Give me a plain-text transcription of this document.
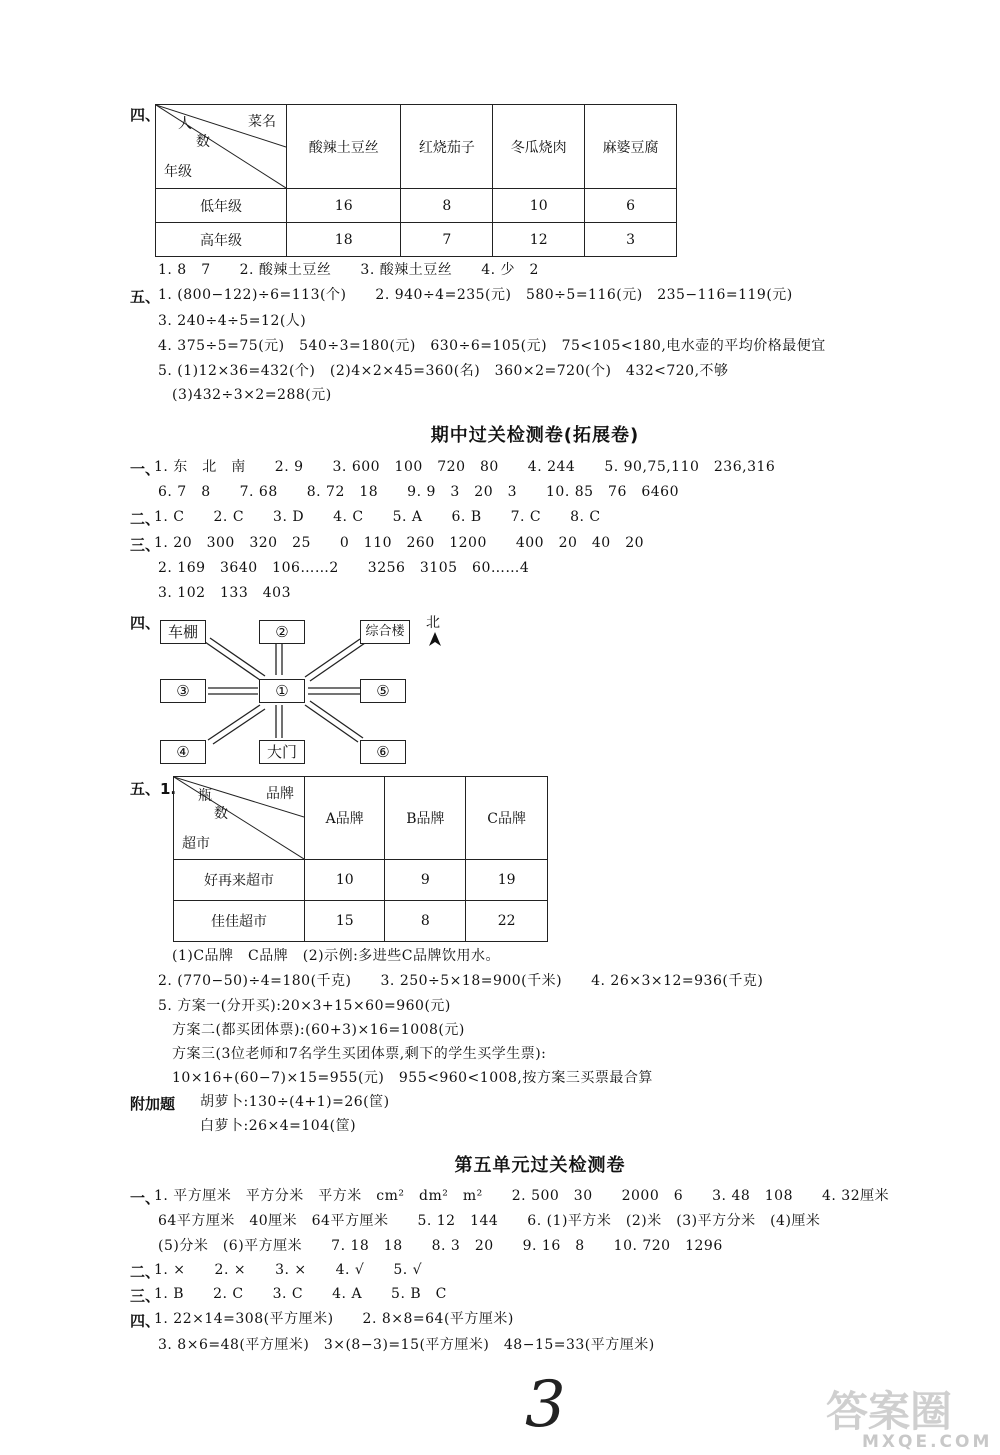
四、	菜名
人
数
年级	酸辣土豆丝	红烧茄子	冬瓜烧肉	麻婆豆腐
低年级	16	8	10	6
高年级	18	7	12	3
1. 8　7　　2. 酸辣土豆丝　　3. 酸辣土豆丝　　4. 少　2
五、
1. (800−122)÷6=113(个)　　2. 940÷4=235(元)　580÷5=116(元)　235−116=119(元)
3. 240÷4÷5=12(人)
4. 375÷5=75(元)　540÷3=180(元)　630÷6=105(元)　75<105<180,电水壶的平均价格最便宜
5. (1)12×36=432(个)　(2)4×2×45=360(名)　360×2=720(个)　432<720,不够
(3)432÷3×2=288(元)
期中过关检测卷(拓展卷)
一、
1. 东　北　南　　2. 9　　3. 600　100　720　80　　4. 244　　5. 90,75,110　236,316
6. 7　8　　7. 68　　8. 72　18　　9. 9　3　20　3　　10. 85　76　6460
二、
1. C　　2. C　　3. D　　4. C　　5. A　　6. B　　7. C　　8. C
三、
1. 20　300　320　25　　0　110　260　1200　　400　20　40　20
2. 169　3640　106……2　　3256　3105　60……4
3. 102　133　403
四、 车棚	②	综合楼
③	①	⑤
④	大门	⑥
北
五、1.	品牌
瓶
数
超市	A品牌	B品牌	C品牌
好再来超市	10	9	19
佳佳超市	15	8	22
(1)C品牌　C品牌　(2)示例:多进些C品牌饮用水。
2. (770−50)÷4=180(千克)　　3. 250÷5×18=900(千米)　　4. 26×3×12=936(千克)
5. 方案一(分开买):20×3+15×60=960(元)
方案二(都买团体票):(60+3)×16=1008(元)
方案三(3位老师和7名学生买团体票,剩下的学生买学生票):
10×16+(60−7)×15=955(元)　955<960<1008,按方案三买票最合算
附加题 胡萝卜:130÷(4+1)=26(筐)
白萝卜:26×4=104(筐)
第五单元过关检测卷
一、
1. 平方厘米　平方分米　平方米　cm²　dm²　m²　　2. 500　30　　2000　6　　3. 48　108　　4. 32厘米
64平方厘米　40厘米　64平方厘米　　5. 12　144　　6. (1)平方米　(2)米　(3)平方分米　(4)厘米
(5)分米　(6)平方厘米　　7. 18　18　　8. 3　20　　9. 16　8　　10. 720　1296
二、
1. ×　　2. ×　　3. ×　　4. √　　5. √
三、
1. B　　2. C　　3. C　　4. A　　5. B　C
四、
1. 22×14=308(平方厘米)　　2. 8×8=64(平方厘米)
3. 8×6=48(平方厘米)　3×(8−3)=15(平方厘米)　48−15=33(平方厘米)
3	答案圈
MXQE.COM
